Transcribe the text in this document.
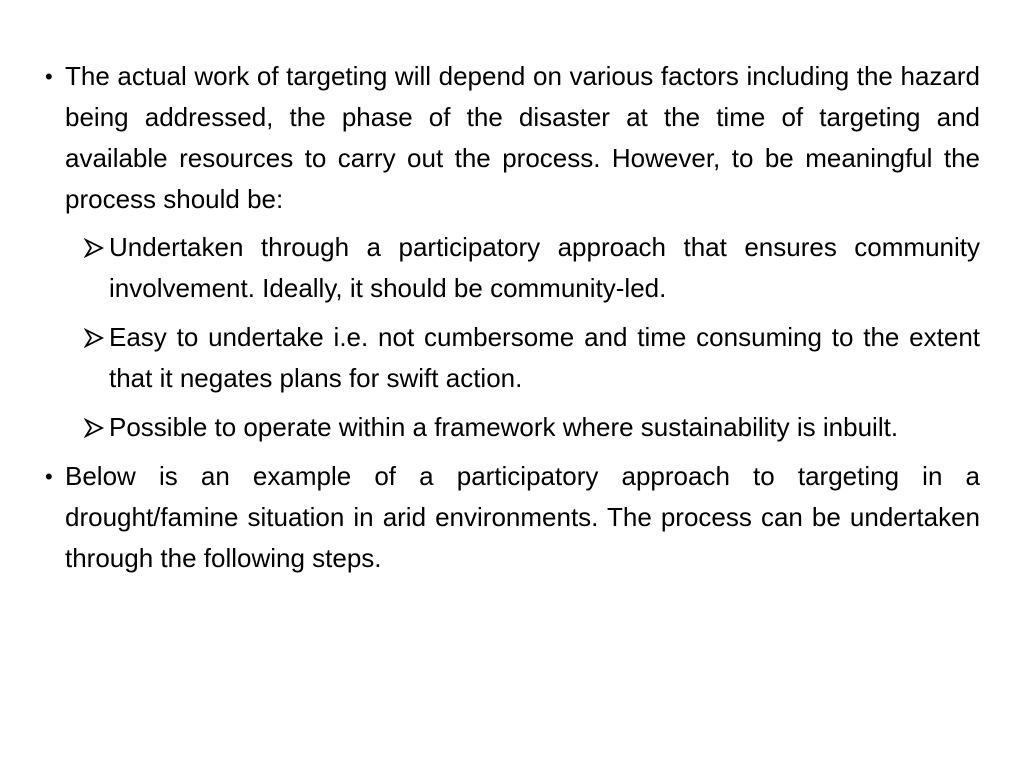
• The actual work of targeting will depend on various factors including the hazard being addressed, the phase of the disaster at the time of targeting and available resources to carry out the process. However, to be meaningful the process should be:

Undertaken through a participatory approach that ensures community involvement. Ideally, it should be community-led.
Easy to undertake i.e. not cumbersome and time consuming to the extent that it negates plans for swift action.
Possible to operate within a framework where sustainability is inbuilt.

• Below is an example of a participatory approach to targeting in a drought/famine situation in arid environments. The process can be undertaken through the following steps.
